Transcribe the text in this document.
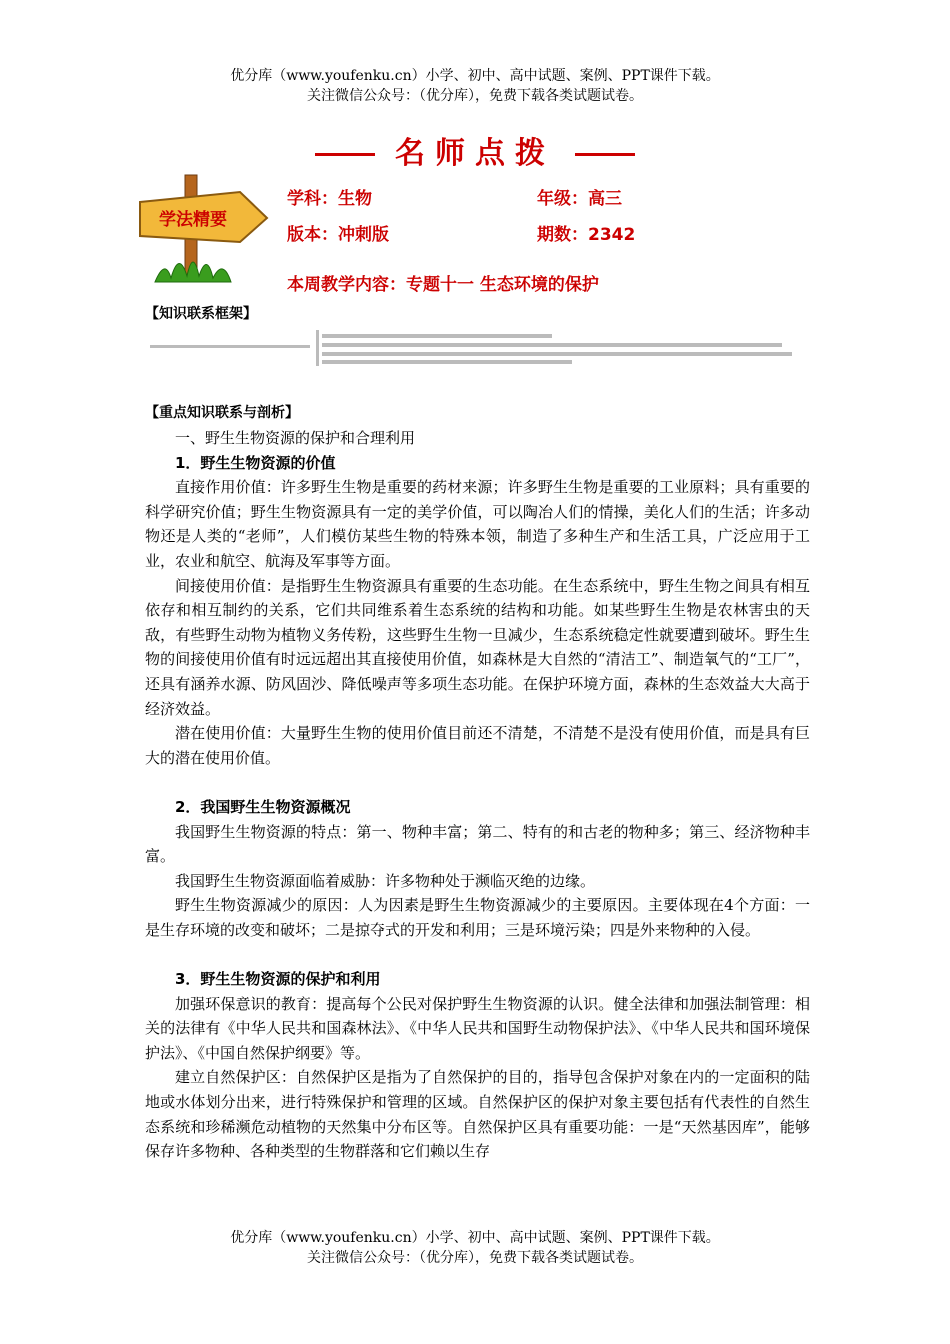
优分库（www.youfenku.cn）小学、初中、高中试题、案例、PPT课件下载。
关注微信公众号：（优分库），免费下载各类试题试卷。
名师点拨
学法精要
学科：生物	年级：高三
版本：冲刺版	期数：2342
本周教学内容：专题十一 生态环境的保护
【知识联系框架】
【重点知识联系与剖析】

一、野生生物资源的保护和合理利用

1．野生生物资源的价值

直接作用价值：许多野生生物是重要的药材来源；许多野生生物是重要的工业原料；具有重要的科学研究价值；野生生物资源具有一定的美学价值，可以陶冶人们的情操，美化人们的生活；许多动物还是人类的“老师”，人们模仿某些生物的特殊本领，制造了多种生产和生活工具，广泛应用于工业，农业和航空、航海及军事等方面。

间接使用价值：是指野生生物资源具有重要的生态功能。在生态系统中，野生生物之间具有相互依存和相互制约的关系，它们共同维系着生态系统的结构和功能。如某些野生生物是农林害虫的天敌，有些野生动物为植物义务传粉，这些野生生物一旦减少，生态系统稳定性就要遭到破坏。野生生物的间接使用价值有时远远超出其直接使用价值，如森林是大自然的“清洁工”、制造氧气的“工厂”，还具有涵养水源、防风固沙、降低噪声等多项生态功能。在保护环境方面，森林的生态效益大大高于经济效益。

潜在使用价值：大量野生生物的使用价值目前还不清楚，不清楚不是没有使用价值，而是具有巨大的潜在使用价值。

2．我国野生生物资源概况

我国野生生物资源的特点：第一、物种丰富；第二、特有的和古老的物种多；第三、经济物种丰富。

我国野生生物资源面临着威胁：许多物种处于濒临灭绝的边缘。

野生生物资源减少的原因：人为因素是野生生物资源减少的主要原因。主要体现在4个方面：一是生存环境的改变和破坏；二是掠夺式的开发和利用；三是环境污染；四是外来物种的入侵。

3．野生生物资源的保护和利用

加强环保意识的教育：提高每个公民对保护野生生物资源的认识。健全法律和加强法制管理：相关的法律有《中华人民共和国森林法》、《中华人民共和国野生动物保护法》、《中华人民共和国环境保护法》、《中国自然保护纲要》等。

建立自然保护区：自然保护区是指为了自然保护的目的，指导包含保护对象在内的一定面积的陆地或水体划分出来，进行特殊保护和管理的区域。自然保护区的保护对象主要包括有代表性的自然生态系统和珍稀濒危动植物的天然集中分布区等。自然保护区具有重要功能：一是“天然基因库”，能够保存许多物种、各种类型的生物群落和它们赖以生存

优分库（www.youfenku.cn）小学、初中、高中试题、案例、PPT课件下载。
关注微信公众号：（优分库），免费下载各类试题试卷。
